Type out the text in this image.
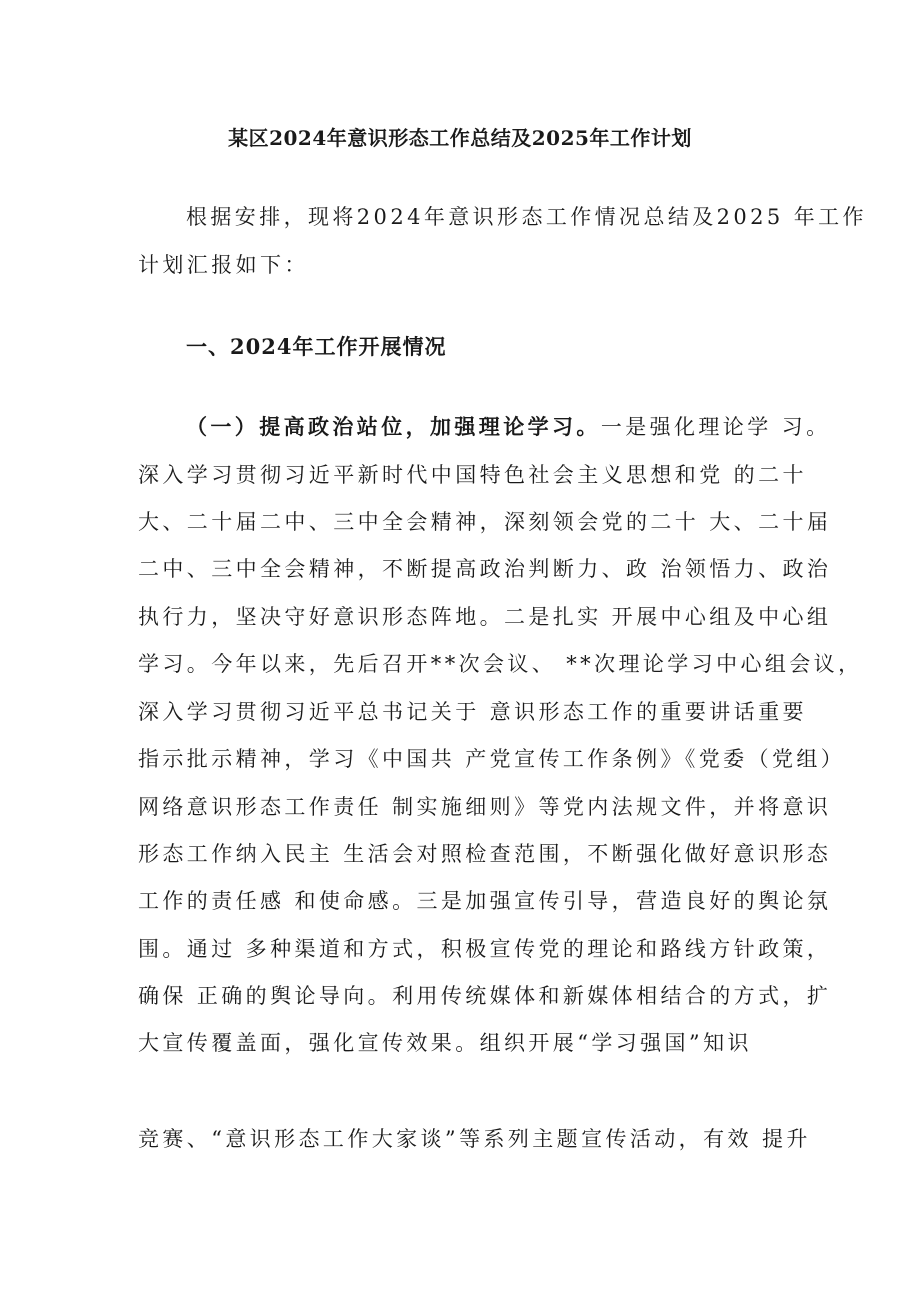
某区2024年意识形态工作总结及2025年工作计划

根据安排，现将2024年意识形态工作情况总结及2025 年工作

计划汇报如下：

一、2024年工作开展情况

（一）提高政治站位，加强理论学习。一是强化理论学 习。

深入学习贯彻习近平新时代中国特色社会主义思想和党 的二十

大、二十届二中、三中全会精神，深刻领会党的二十 大、二十届

二中、三中全会精神，不断提高政治判断力、政 治领悟力、政治

执行力，坚决守好意识形态阵地。二是扎实 开展中心组及中心组

学习。今年以来，先后召开**次会议、 **次理论学习中心组会议，

深入学习贯彻习近平总书记关于 意识形态工作的重要讲话重要

指示批示精神，学习《中国共 产党宣传工作条例》《党委（党组）

网络意识形态工作责任 制实施细则》等党内法规文件，并将意识

形态工作纳入民主 生活会对照检查范围，不断强化做好意识形态

工作的责任感 和使命感。三是加强宣传引导，营造良好的舆论氛

围。通过 多种渠道和方式，积极宣传党的理论和路线方针政策，

确保 正确的舆论导向。利用传统媒体和新媒体相结合的方式，扩

大宣传覆盖面，强化宣传效果。组织开展“学习强国”知识

竞赛、“意识形态工作大家谈”等系列主题宣传活动，有效 提升
